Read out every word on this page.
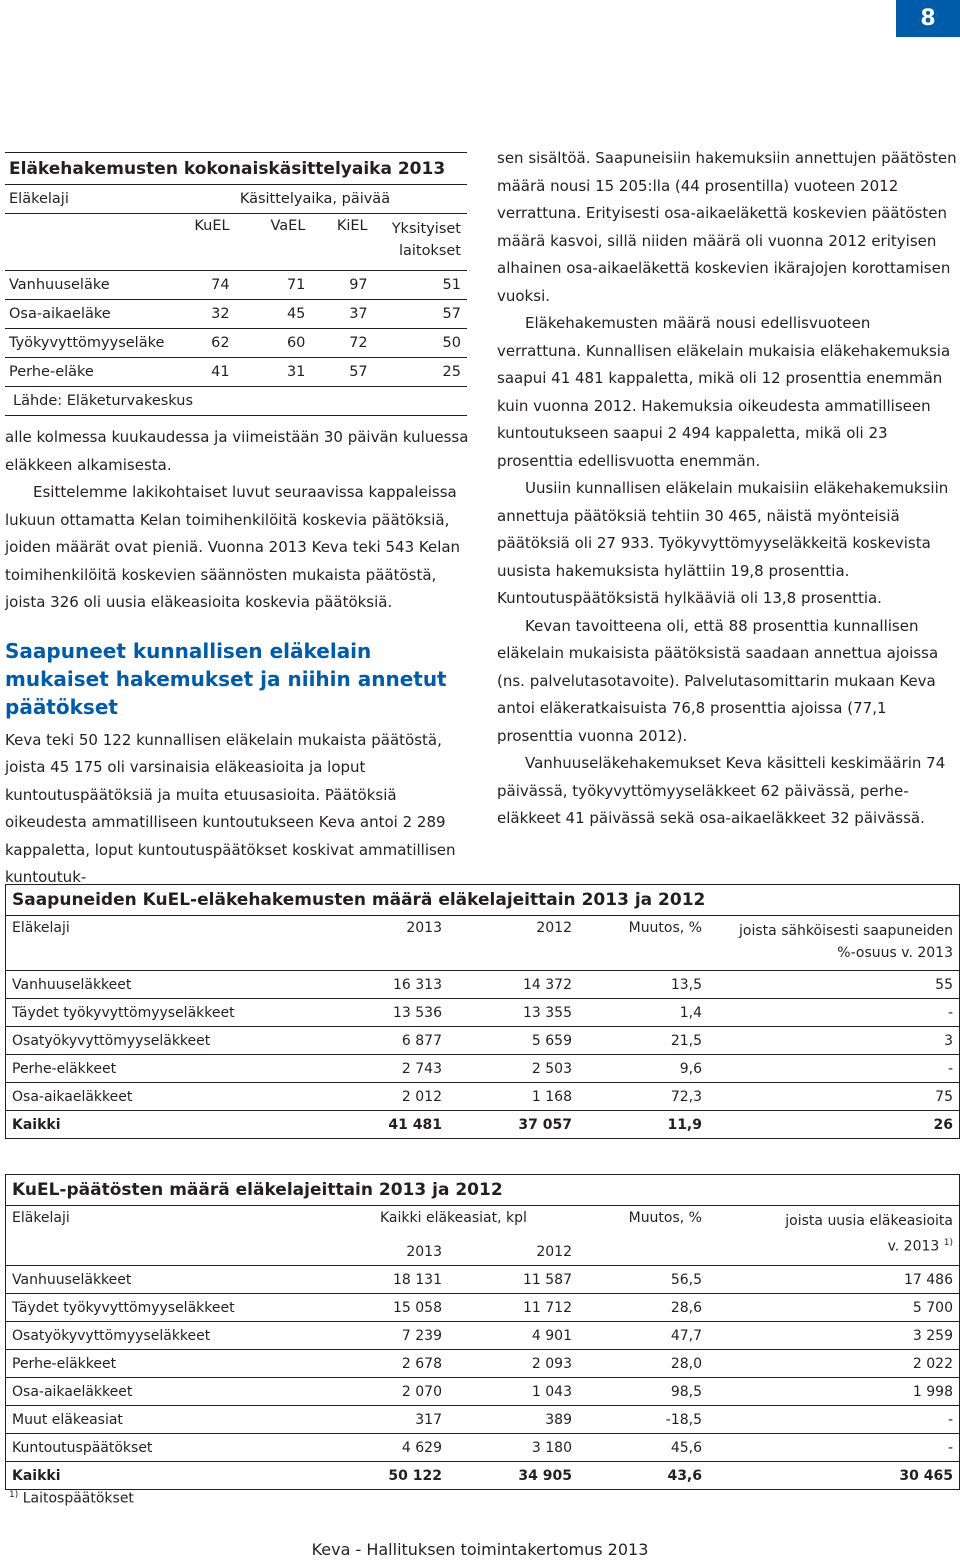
8
Eläkehakemusten kokonaiskäsittelyaika 2013				
Eläkelaji	Käsittelyaika, päivää			
	KuEL	VaEL	KiEL	Yksityiset laitokset
Vanhuuseläke	74	71	97	51
Osa-aikaeläke	32	45	37	57
Työkyvyttömyyseläke	62	60	72	50
Perhe-eläke	41	31	57	25
Lähde: Eläketurvakeskus				

alle kolmessa kuukaudessa ja viimeistään 30 päivän kuluessa eläkkeen alkamisesta.

Esittelemme lakikohtaiset luvut seuraavissa kappaleissa lukuun ottamatta Kelan toimihenkilöitä koskevia päätöksiä, joiden määrät ovat pieniä. Vuonna 2013 Keva teki 543 Kelan toimihenkilöitä koskevien säännösten mukaista päätöstä, joista 326 oli uusia eläkeasioita koskevia päätöksiä.

Saapuneet kunnallisen eläkelain mukaiset hakemukset ja niihin annetut päätökset

Keva teki 50 122 kunnallisen eläkelain mukaista päätöstä, joista 45 175 oli varsinaisia eläkeasioita ja loput kuntoutuspäätöksiä ja muita etuusasioita. Päätöksiä oikeudesta ammatilliseen kuntoutukseen Keva antoi 2 289 kappaletta, loput kuntoutuspäätökset koskivat ammatillisen kuntoutuk-

sen sisältöä. Saapuneisiin hakemuksiin annettujen päätösten määrä nousi 15 205:lla (44 prosentilla) vuoteen 2012 verrattuna. Erityisesti osa-aikaeläkettä koskevien päätösten määrä kasvoi, sillä niiden määrä oli vuonna 2012 erityisen alhainen osa-aikaeläkettä koskevien ikärajojen korottamisen vuoksi.

Eläkehakemusten määrä nousi edellisvuoteen verrattuna. Kunnallisen eläkelain mukaisia eläkehakemuksia saapui 41 481 kappaletta, mikä oli 12 prosenttia enemmän kuin vuonna 2012. Hakemuksia oikeudesta ammatilliseen kuntoutukseen saapui 2 494 kappaletta, mikä oli 23 prosenttia edellisvuotta enemmän.

Uusiin kunnallisen eläkelain mukaisiin eläkehakemuksiin annettuja päätöksiä tehtiin 30 465, näistä myönteisiä päätöksiä oli 27 933. Työkyvyttömyyseläkkeitä koskevista uusista hakemuksista hylättiin 19,8 prosenttia. Kuntoutuspäätöksistä hylkääviä oli 13,8 prosenttia.

Kevan tavoitteena oli, että 88 prosenttia kunnallisen eläkelain mukaisista päätöksistä saadaan annettua ajoissa (ns. palvelutasotavoite). Palvelutasomittarin mukaan Keva antoi eläkeratkaisuista 76,8 prosenttia ajoissa (77,1 prosenttia vuonna 2012).

Vanhuuseläkehakemukset Keva käsitteli keskimäärin 74 päivässä, työkyvyttömyyseläkkeet 62 päivässä, perhe-eläkkeet 41 päivässä sekä osa-aikaeläkkeet 32 päivässä.

Saapuneiden KuEL-eläkehakemusten määrä eläkelajeittain 2013 ja 2012				
Eläkelaji	2013	2012	Muutos, %	joista sähköisesti saapuneiden
%-osuus v. 2013

Vanhuuseläkkeet	16 313	14 372	13,5	55
Täydet työkyvyttömyyseläkkeet	13 536	13 355	1,4	-
Osatyökyvyttömyyseläkkeet	6 877	5 659	21,5	3
Perhe-eläkkeet	2 743	2 503	9,6	-
Osa-aikaeläkkeet	2 012	1 168	72,3	75
Kaikki	41 481	37 057	11,9	26
KuEL-päätösten määrä eläkelajeittain 2013 ja 2012				
Eläkelaji	Kaikki eläkeasiat, kpl		Muutos, %	joista uusia eläkeasioita
v. 2013 $^{1)}$

	2013	2012		
Vanhuuseläkkeet	18 131	11 587	56,5	17 486
Täydet työkyvyttömyyseläkkeet	15 058	11 712	28,6	5 700
Osatyökyvyttömyyseläkkeet	7 239	4 901	47,7	3 259
Perhe-eläkkeet	2 678	2 093	28,0	2 022
Osa-aikaeläkkeet	2 070	1 043	98,5	1 998
Muut eläkeasiat	317	389	-18,5	-
Kuntoutuspäätökset	4 629	3 180	45,6	-
Kaikki	50 122	34 905	43,6	30 465
$^{1)}$ Laitospäätökset
Keva - Hallituksen toimintakertomus 2013
